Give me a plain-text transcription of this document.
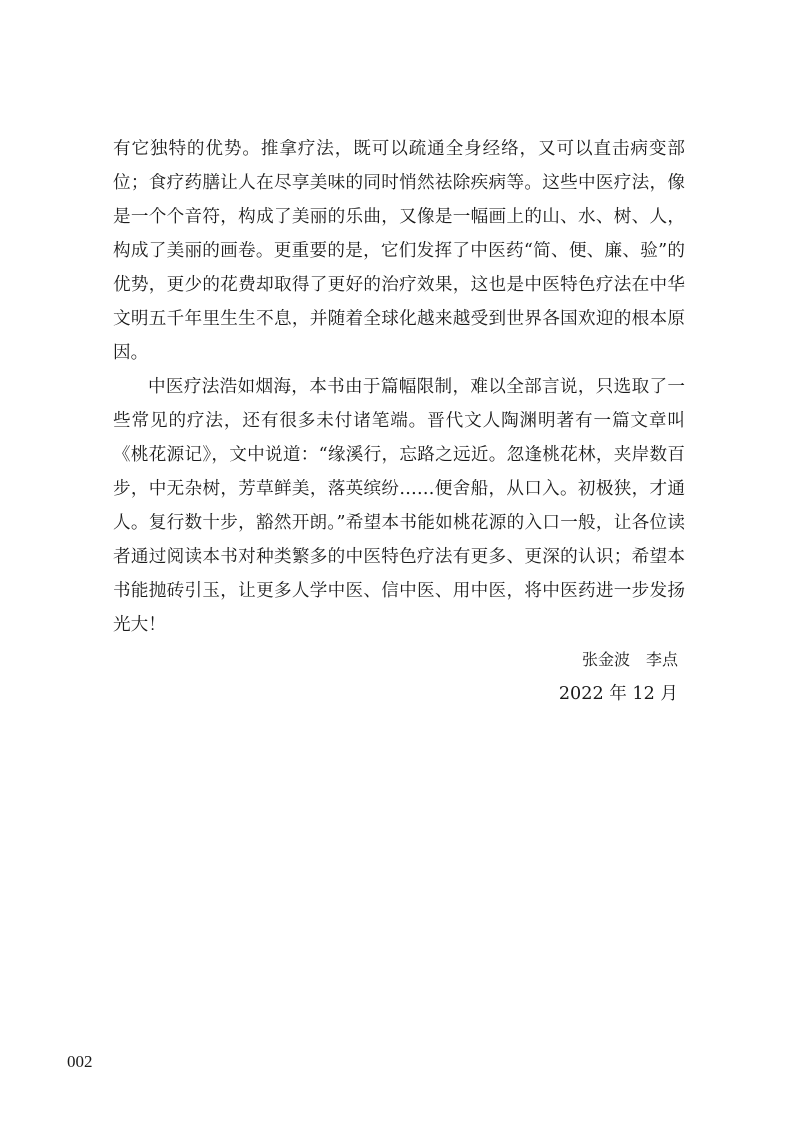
有它独特的优势。推拿疗法，既可以疏通全身经络，又可以直击病变部位；食疗药膳让人在尽享美味的同时悄然祛除疾病等。这些中医疗法，像是一个个音符，构成了美丽的乐曲，又像是一幅画上的山、水、树、人，构成了美丽的画卷。更重要的是，它们发挥了中医药“简、便、廉、验”的优势，更少的花费却取得了更好的治疗效果，这也是中医特色疗法在中华文明五千年里生生不息，并随着全球化越来越受到世界各国欢迎的根本原因。

中医疗法浩如烟海，本书由于篇幅限制，难以全部言说，只选取了一些常见的疗法，还有很多未付诸笔端。晋代文人陶渊明著有一篇文章叫《桃花源记》，文中说道：“缘溪行，忘路之远近。忽逢桃花林，夹岸数百步，中无杂树，芳草鲜美，落英缤纷……便舍船，从口入。初极狭，才通人。复行数十步，豁然开朗。”希望本书能如桃花源的入口一般，让各位读者通过阅读本书对种类繁多的中医特色疗法有更多、更深的认识；希望本书能抛砖引玉，让更多人学中医、信中医、用中医，将中医药进一步发扬光大！

张金波　李点
2022 年 12 月
002
